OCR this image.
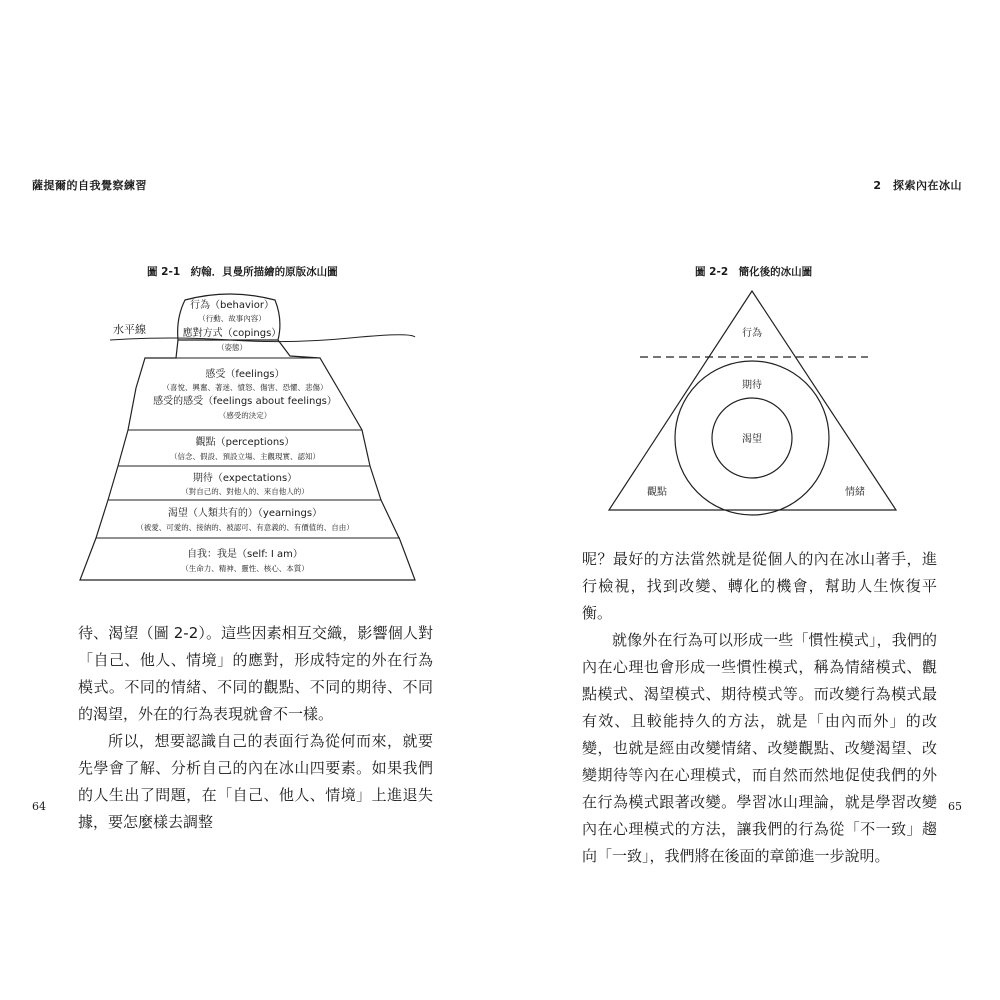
薩提爾的自我覺察練習	2　探索內在冰山
圖 2-1　約翰．貝曼所描繪的原版冰山圖
水平線
行為（behavior）
（行動、故事內容）
應對方式（copings）
（姿態）
感受（feelings）
（喜悅、興奮、著迷、憤怒、傷害、恐懼、悲傷）
感受的感受（feelings about feelings）
（感受的決定）
觀點（perceptions）
（信念、假設、預設立場、主觀現實、認知）
期待（expectations）
（對自己的、對他人的、來自他人的）
渴望（人類共有的）（yearnings）
（被愛、可愛的、接納的、被認可、有意義的、有價值的、自由）
自我：我是（self: I am）
（生命力、精神、靈性、核心、本質）
行為
期待
渴望
觀點	情緒
圖 2-2　簡化後的冰山圖

待、渴望（圖 2-2）。這些因素相互交織，影響個人對「自己、他人、情境」的應對，形成特定的外在行為模式。不同的情緒、不同的觀點、不同的期待、不同的渴望，外在的行為表現就會不一樣。

所以，想要認識自己的表面行為從何而來，就要先學會了解、分析自己的內在冰山四要素。如果我們的人生出了問題，在「自己、他人、情境」上進退失據，要怎麼樣去調整

呢？最好的方法當然就是從個人的內在冰山著手，進行檢視，找到改變、轉化的機會，幫助人生恢復平衡。

就像外在行為可以形成一些「慣性模式」，我們的內在心理也會形成一些慣性模式，稱為情緒模式、觀點模式、渴望模式、期待模式等。而改變行為模式最有效、且較能持久的方法，就是「由內而外」的改變，也就是經由改變情緒、改變觀點、改變渴望、改變期待等內在心理模式，而自然而然地促使我們的外在行為模式跟著改變。學習冰山理論，就是學習改變內在心理模式的方法，讓我們的行為從「不一致」趨向「一致」，我們將在後面的章節進一步說明。

64	65
